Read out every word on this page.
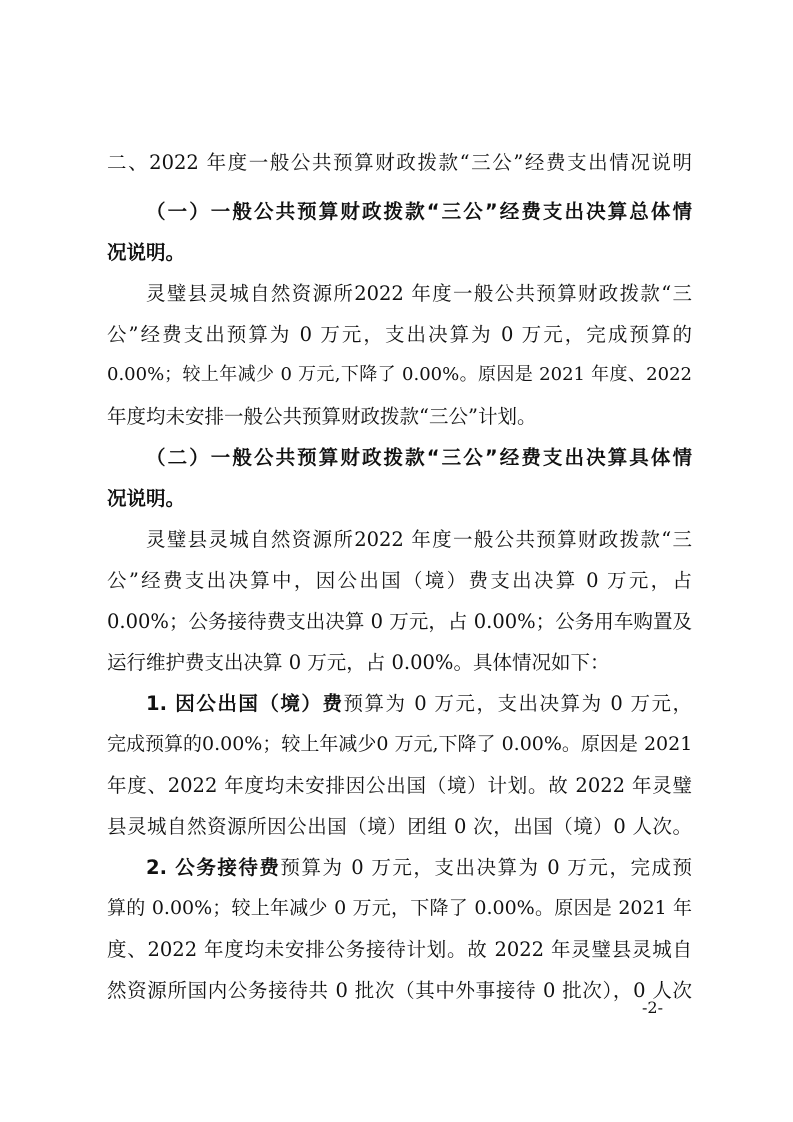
二、2022 年度一般公共预算财政拨款“三公”经费支出情况说明
（一）一般公共预算财政拨款“三公”经费支出决算总体情
况说明。
灵璧县灵城自然资源所2022 年度一般公共预算财政拨款“三
公”经费支出预算为 0 万元，支出决算为 0 万元，完成预算的
0.00%；较上年减少 0 万元,下降了 0.00%。原因是 2021 年度、2022
年度均未安排一般公共预算财政拨款“三公”计划。
（二）一般公共预算财政拨款“三公”经费支出决算具体情
况说明。
灵璧县灵城自然资源所2022 年度一般公共预算财政拨款“三
公”经费支出决算中，因公出国（境）费支出决算 0 万元，占
0.00%；公务接待费支出决算 0 万元，占 0.00%；公务用车购置及
运行维护费支出决算 0 万元，占 0.00%。具体情况如下：
1. 因公出国（境）费预算为 0 万元，支出决算为 0 万元，
完成预算的0.00%；较上年减少0 万元,下降了 0.00%。原因是 2021
年度、2022 年度均未安排因公出国（境）计划。故 2022 年灵璧
县灵城自然资源所因公出国（境）团组 0 次，出国（境）0 人次。
2. 公务接待费预算为 0 万元，支出决算为 0 万元，完成预
算的 0.00%；较上年减少 0 万元，下降了 0.00%。原因是 2021 年
度、2022 年度均未安排公务接待计划。故 2022 年灵璧县灵城自
然资源所国内公务接待共 0 批次（其中外事接待 0 批次），0 人次
-2-
